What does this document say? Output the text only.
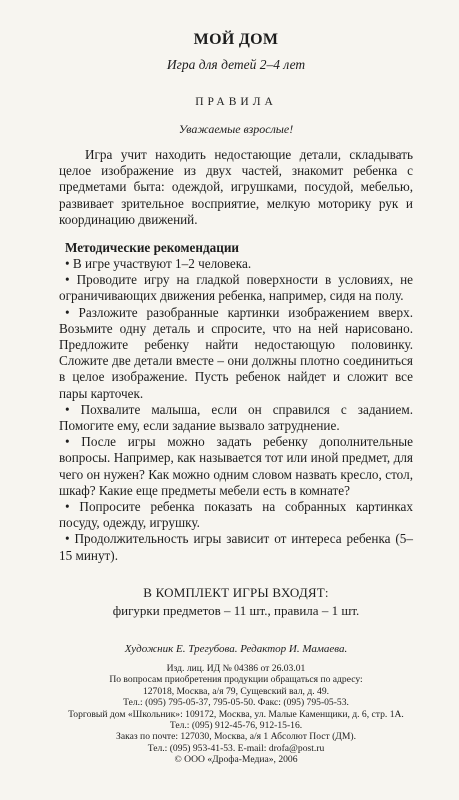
МОЙ ДОМ
Игра для детей 2–4 лет
ПРАВИЛА
Уважаемые взрослые!

Игра учит находить недостающие детали, складывать целое изображение из двух частей, знакомит ребенка с предметами быта: одеждой, игрушками, посудой, мебелью, развивает зрительное восприятие, мелкую моторику рук и координацию движений.

Методические рекомендации

• В игре участвуют 1–2 человека.

• Проводите игру на гладкой поверхности в условиях, не ограничивающих движения ребенка, например, сидя на полу.

• Разложите разобранные картинки изображением вверх. Возьмите одну деталь и спросите, что на ней нарисовано. Предложите ребенку найти недостающую половинку. Сложите две детали вместе – они должны плотно соединиться в целое изображение. Пусть ребенок найдет и сложит все пары карточек.

• Похвалите малыша, если он справился с заданием. Помогите ему, если задание вызвало затруднение.

• После игры можно задать ребенку дополнительные вопросы. Например, как называется тот или иной предмет, для чего он нужен? Как можно одним словом назвать кресло, стол, шкаф? Какие еще предметы мебели есть в комнате?

• Попросите ребенка показать на собранных картинках посуду, одежду, игрушку.

• Продолжительность игры зависит от интереса ребенка (5–15 минут).

В КОМПЛЕКТ ИГРЫ ВХОДЯТ:
фигурки предметов – 11 шт., правила – 1 шт.
Художник Е. Трегубова. Редактор И. Мамаева.
Изд. лиц. ИД № 04386 от 26.03.01
По вопросам приобретения продукции обращаться по адресу:
127018, Москва, а/я 79, Сущевский вал, д. 49.
Тел.: (095) 795-05-37, 795-05-50. Факс: (095) 795-05-53.
Торговый дом «Школьник»: 109172, Москва, ул. Малые Каменщики, д. 6, стр. 1А.
Тел.: (095) 912-45-76, 912-15-16.
Заказ по почте: 127030, Москва, а/я 1 Абсолют Пост (ДМ).
Тел.: (095) 953-41-53. E-mail: drofa@post.ru
© ООО «Дрофа-Медиа», 2006
